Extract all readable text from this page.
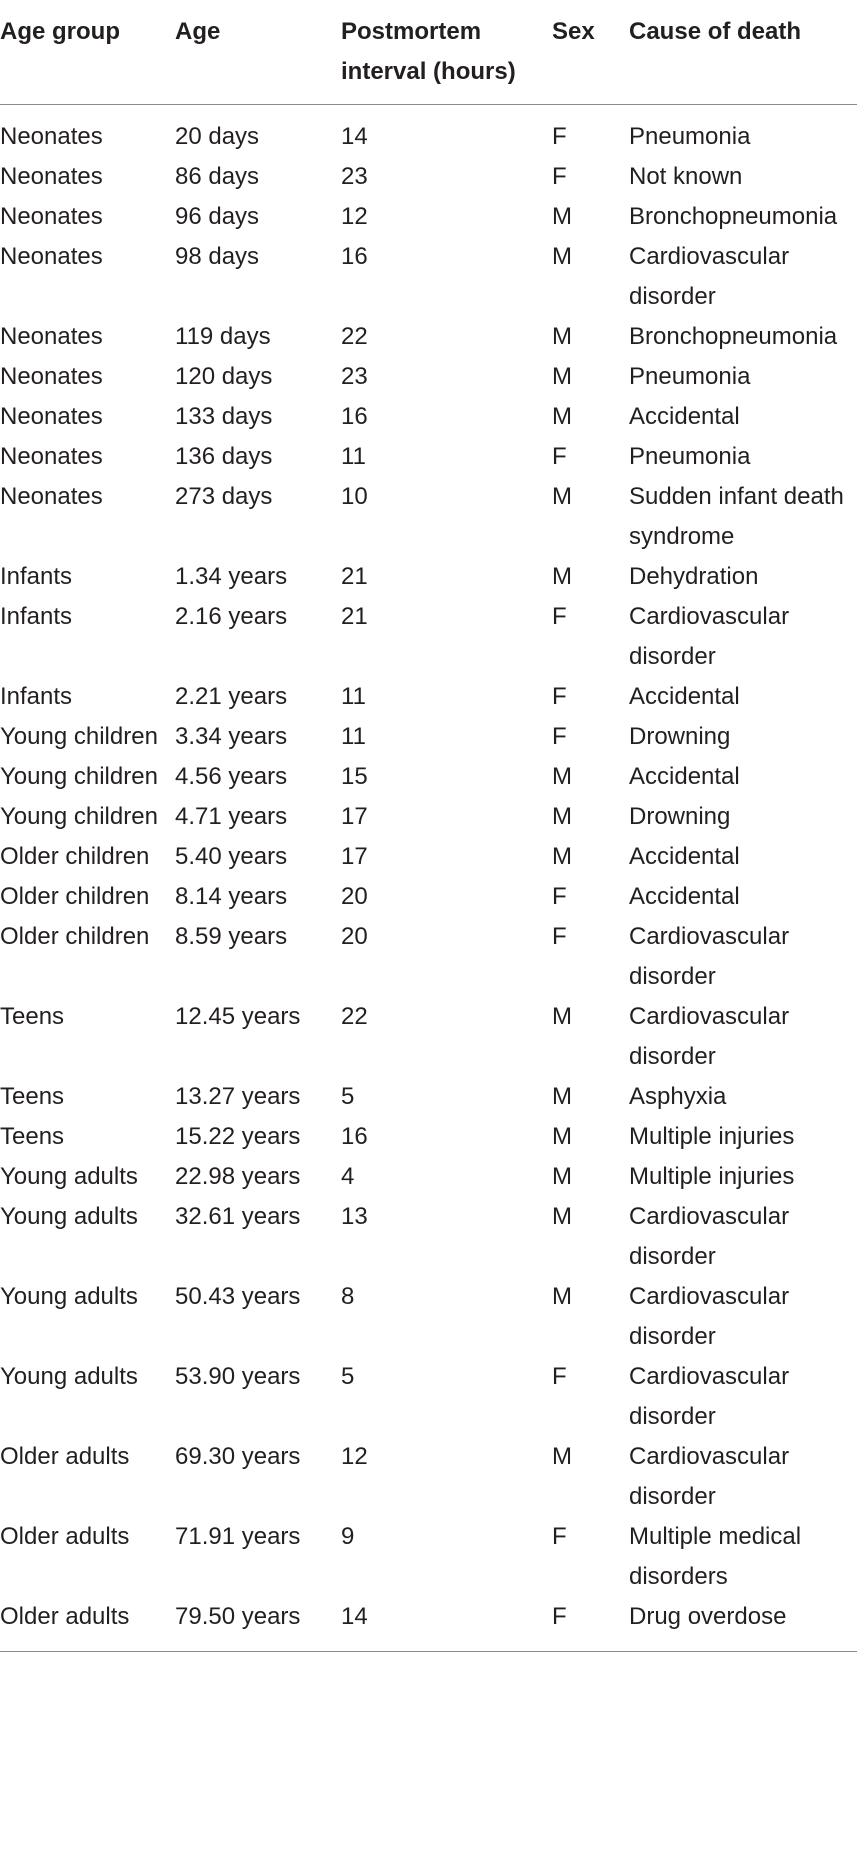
Age group	Age	Postmortem interval (hours)	Sex	Cause of death
Neonates	20 days	14	F	Pneumonia
Neonates	86 days	23	F	Not known
Neonates	96 days	12	M	Bronchopneumonia
Neonates	98 days	16	M	Cardiovascular disorder
Neonates	119 days	22	M	Bronchopneumonia
Neonates	120 days	23	M	Pneumonia
Neonates	133 days	16	M	Accidental
Neonates	136 days	11	F	Pneumonia
Neonates	273 days	10	M	Sudden infant death syndrome
Infants	1.34 years	21	M	Dehydration
Infants	2.16 years	21	F	Cardiovascular disorder
Infants	2.21 years	11	F	Accidental
Young children	3.34 years	11	F	Drowning
Young children	4.56 years	15	M	Accidental
Young children	4.71 years	17	M	Drowning
Older children	5.40 years	17	M	Accidental
Older children	8.14 years	20	F	Accidental
Older children	8.59 years	20	F	Cardiovascular disorder
Teens	12.45 years	22	M	Cardiovascular disorder
Teens	13.27 years	5	M	Asphyxia
Teens	15.22 years	16	M	Multiple injuries
Young adults	22.98 years	4	M	Multiple injuries
Young adults	32.61 years	13	M	Cardiovascular disorder
Young adults	50.43 years	8	M	Cardiovascular disorder
Young adults	53.90 years	5	F	Cardiovascular disorder
Older adults	69.30 years	12	M	Cardiovascular disorder
Older adults	71.91 years	9	F	Multiple medical disorders
Older adults	79.50 years	14	F	Drug overdose
